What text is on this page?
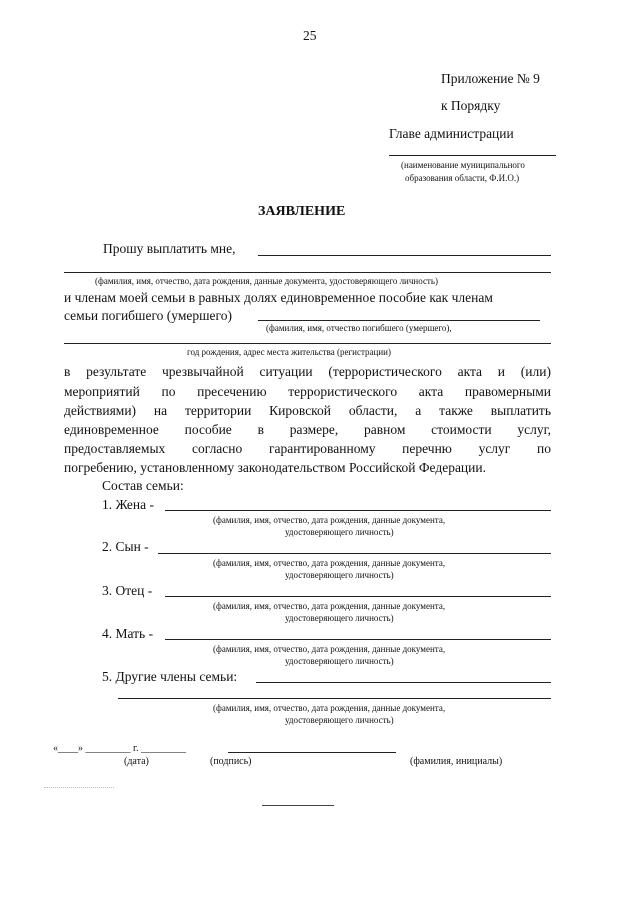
25
Приложение № 9
к Порядку
Главе администрации
(наименование муниципального
образования области, Ф.И.О.)
ЗАЯВЛЕНИЕ
Прошу выплатить мне,
(фамилия, имя, отчество, дата рождения, данные документа, удостоверяющего личность)
и членам моей семьи в равных долях единовременное пособие как членам
семьи погибшего (умершего)
(фамилия, имя, отчество погибшего (умершего),
год рождения, адрес места жительства (регистрации)
в результате чрезвычайной ситуации (террористического акта и (или)
мероприятий по пресечению террористического акта правомерными
действиями) на территории Кировской области, а также выплатить
единовременное пособие в размере, равном стоимости услуг,
предоставляемых согласно гарантированному перечню услуг по
погребению, установленному законодательством Российской Федерации.
Состав семьи:
1. Жена -
(фамилия, имя, отчество, дата рождения, данные документа,
удостоверяющего личность)
2. Сын -
(фамилия, имя, отчество, дата рождения, данные документа,
удостоверяющего личность)
3. Отец -
(фамилия, имя, отчество, дата рождения, данные документа,
удостоверяющего личность)
4. Мать -
(фамилия, имя, отчество, дата рождения, данные документа,
удостоверяющего личность)
5. Другие члены семьи:
(фамилия, имя, отчество, дата рождения, данные документа,
удостоверяющего личность)
«____» _________ г. _________
(дата)	(подпись)	(фамилия, инициалы)
